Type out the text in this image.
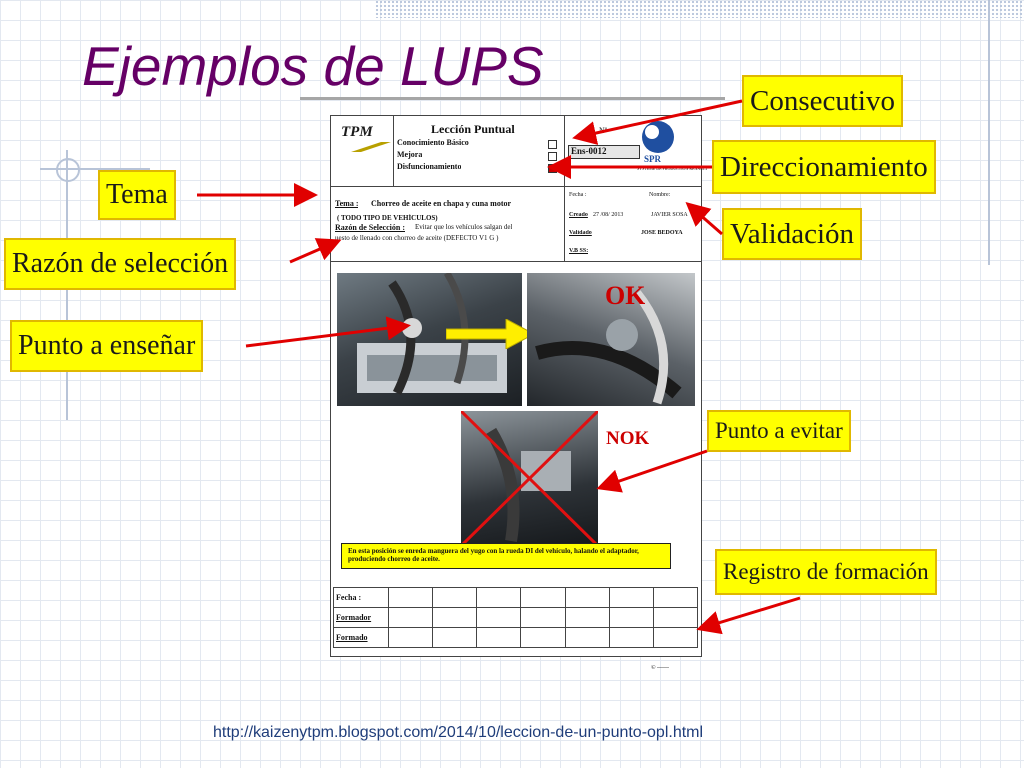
Ejemplos de LUPS
TPM	Lección Puntual
Conocimiento Básico
Mejora
Disfuncionamiento
Nº
Ens-0012
SPR
SYSTEME DE PRODUCTION RENAULT
Tema : Chorreo de aceite en chapa y cuna motor
( TODO TIPO DE VEHÍCULOS)
Razón de Selección : Evitar que los vehículos salgan del
uesto de llenado con chorreo de aceite (DEFECTO V1 G )
Fecha :	Nombre:
Creado 27 /08/ 2013	JAVIER SOSA
Validado	JOSÉ BEDOYA
V.B SS:
OK
NOK
En esta posición se enreda manguera del yugo con la rueda DI del vehículo, halando el adaptador, produciendo chorreo de aceite.
Fecha :							
Formador							
Formado							
© ------
Consecutivo
Direccionamiento
Tema
Validación
Razón de selección
Punto a enseñar
Punto a evitar
Registro de formación
http://kaizenytpm.blogspot.com/2014/10/leccion-de-un-punto-opl.html
